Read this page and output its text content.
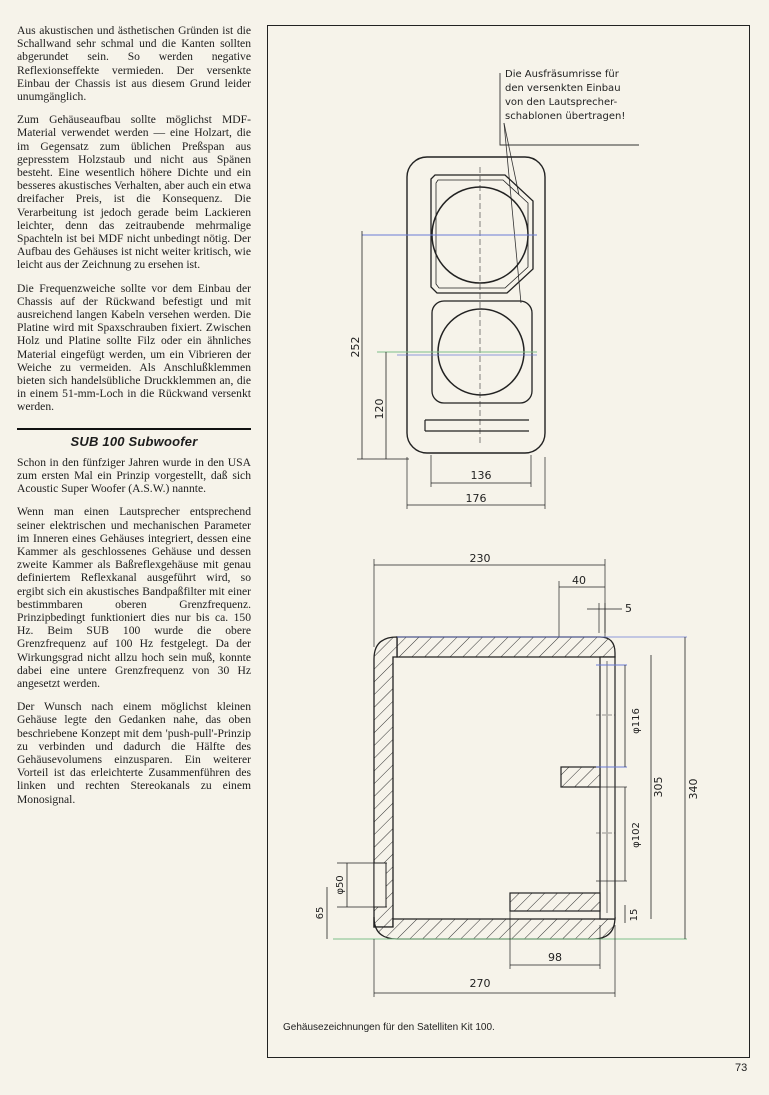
Aus akustischen und ästhetischen Gründen ist die Schallwand sehr schmal und die Kanten sollten abgerundet sein. So werden negative Reflexionseffekte vermieden. Der versenkte Einbau der Chassis ist aus diesem Grund leider unumgänglich.

Zum Gehäuseaufbau sollte möglichst MDF-Material verwendet werden — eine Holzart, die im Gegensatz zum üblichen Preßspan aus gepresstem Holzstaub und nicht aus Spänen besteht. Eine wesentlich höhere Dichte und ein besseres akustisches Verhalten, aber auch ein etwa dreifacher Preis, ist die Konsequenz. Die Verarbeitung ist jedoch gerade beim Lackieren leichter, denn das zeitraubende mehrmalige Spachteln ist bei MDF nicht unbedingt nötig. Der Aufbau des Gehäuses ist nicht weiter kritisch, wie leicht aus der Zeichnung zu ersehen ist.

Die Frequenzweiche sollte vor dem Einbau der Chassis auf der Rückwand befestigt und mit ausreichend langen Kabeln versehen werden. Die Platine wird mit Spaxschrauben fixiert. Zwischen Holz und Platine sollte Filz oder ein ähnliches Material eingefügt werden, um ein Vibrieren der Weiche zu vermeiden. Als Anschlußklemmen bieten sich handelsübliche Druckklemmen an, die in einem 51-mm-Loch in die Rückwand versenkt werden.

SUB 100 Subwoofer

Schon in den fünfziger Jahren wurde in den USA zum ersten Mal ein Prinzip vorgestellt, daß sich Acoustic Super Woofer (A.S.W.) nannte.

Wenn man einen Lautsprecher entsprechend seiner elektrischen und mechanischen Parameter im Inneren eines Gehäuses integriert, dessen eine Kammer als geschlossenes Gehäuse und dessen zweite Kammer als Baßreflexgehäuse mit genau definiertem Reflexkanal ausgeführt wird, so ergibt sich ein akustisches Bandpaßfilter mit einer bestimmbaren oberen Grenzfrequenz. Prinzipbedingt funktioniert dies nur bis ca. 150 Hz. Beim SUB 100 wurde die obere Grenzfrequenz auf 100 Hz festgelegt. Da der Wirkungsgrad nicht allzu hoch sein muß, konnte dabei eine untere Grenzfrequenz von 30 Hz angesetzt werden.

Der Wunsch nach einem möglichst kleinen Gehäuse legte den Gedanken nahe, das oben beschriebene Konzept mit dem 'push-pull'-Prinzip zu verbinden und dadurch die Hälfte des Gehäusevolumens einzusparen. Ein weiterer Vorteil ist das erleichterte Zusammenführen des linken und rechten Stereokanals zu einem Monosignal.

Die Ausfräsumrisse für
den versenkten Einbau
von den Lautsprecher-
schablonen übertragen!
252
120
136
176
230
40
5
φ116
φ102
15
305 340
φ50
65
98
270
Gehäusezeichnungen für den Satelliten Kit 100.
73
